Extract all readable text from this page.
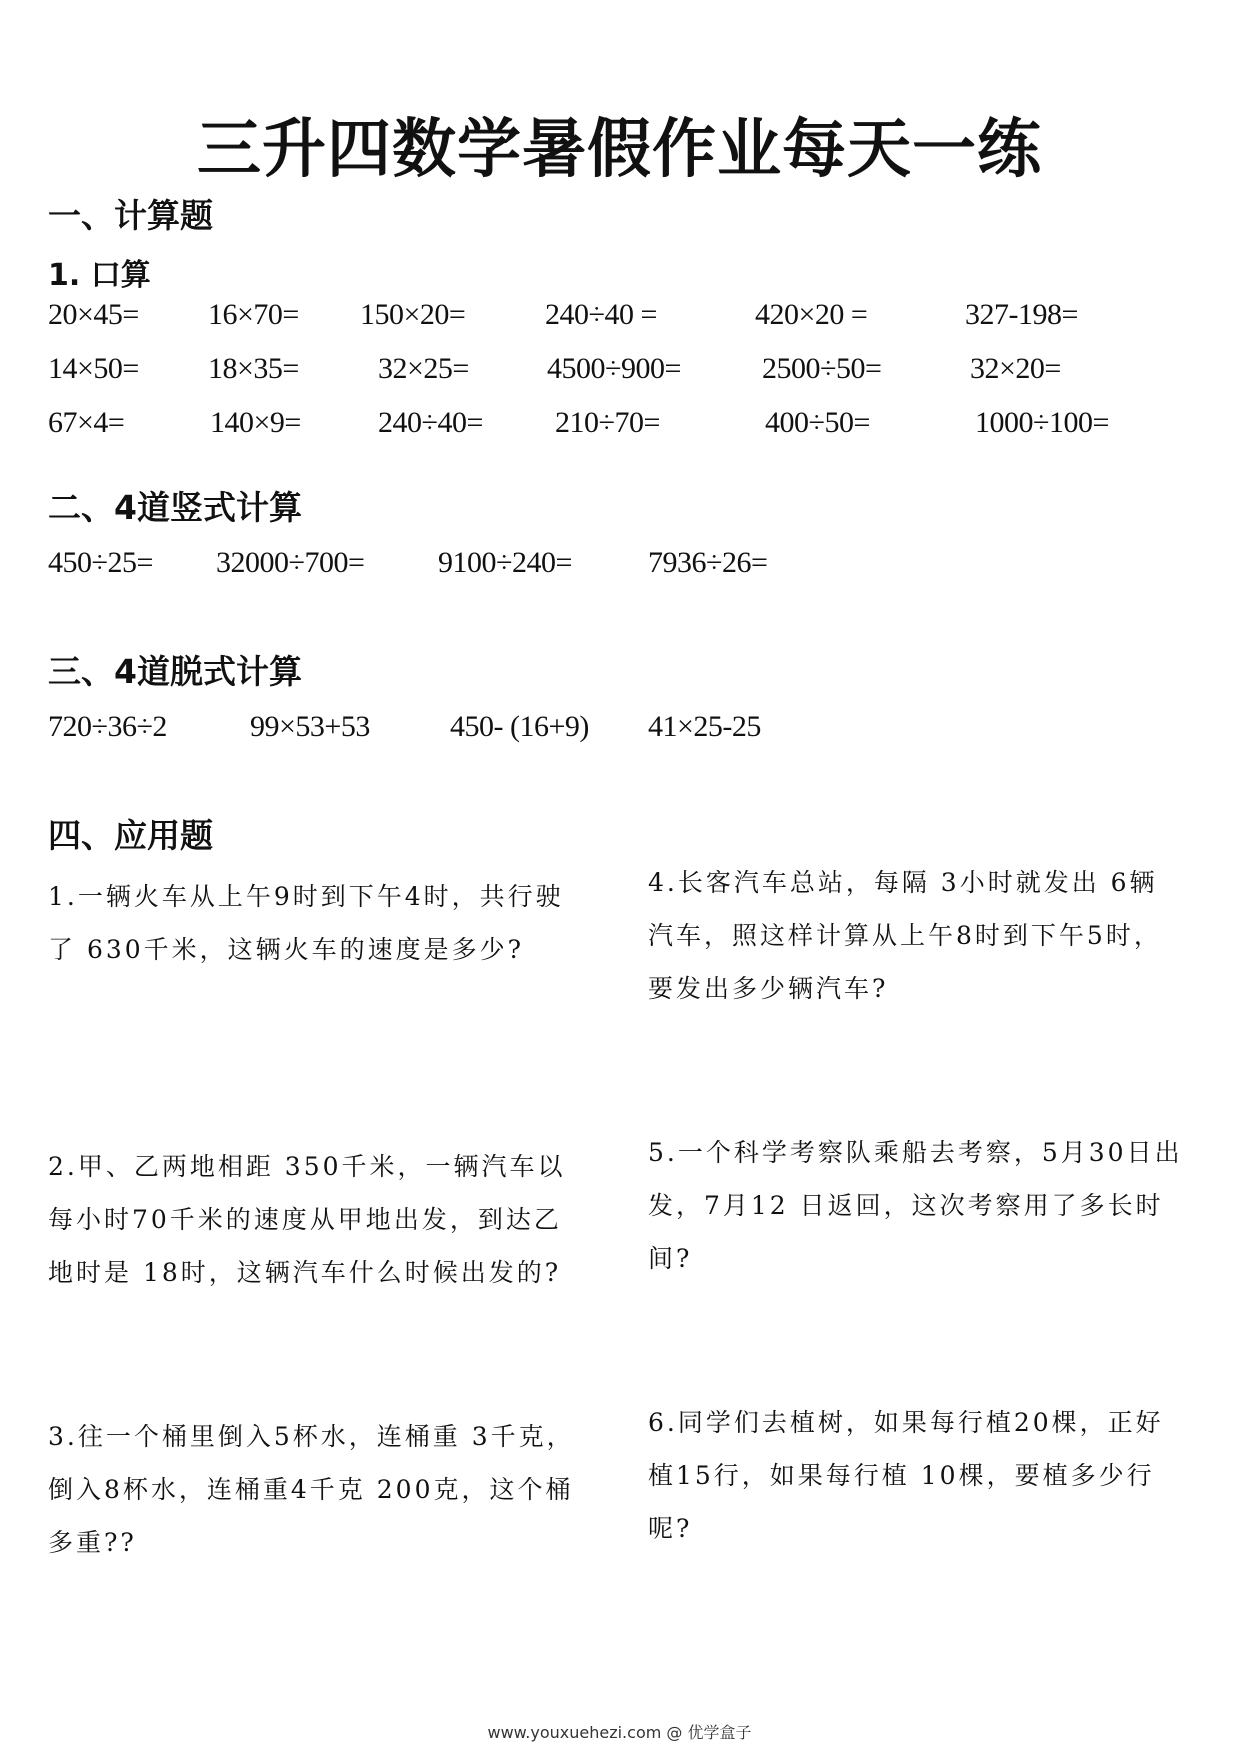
三升四数学暑假作业每天一练
一、计算题
1. 口算
20×45= 16×70= 150×20=	240÷40 =	420×20 =	327-198=
14×50= 18×35=	32×25=	4500÷900=	2500÷50=	32×20=
67×4=	140×9=	240÷40= 210÷70=	400÷50=	1000÷100=
二、4道竖式计算
450÷25= 32000÷700= 9100÷240=	7936÷26=
三、4道脱式计算
720÷36÷2	99×53+53	450- (16+9) 41×25-25
四、应用题
1.一辆火车从上午9时到下午4时，共行驶了 630千米，这辆火车的速度是多少?
2.甲、乙两地相距 350千米，一辆汽车以每小时70千米的速度从甲地出发，到达乙地时是 18时，这辆汽车什么时候出发的?
3.往一个桶里倒入5杯水，连桶重 3千克，倒入8杯水，连桶重4千克 200克，这个桶多重??
4.长客汽车总站，每隔 3小时就发出 6辆汽车，照这样计算从上午8时到下午5时，要发出多少辆汽车?
5.一个科学考察队乘船去考察，5月30日出发，7月12 日返回，这次考察用了多长时间?
6.同学们去植树，如果每行植20棵，正好植15行，如果每行植 10棵，要植多少行呢?
www.youxuehezi.com @ 优学盒子
